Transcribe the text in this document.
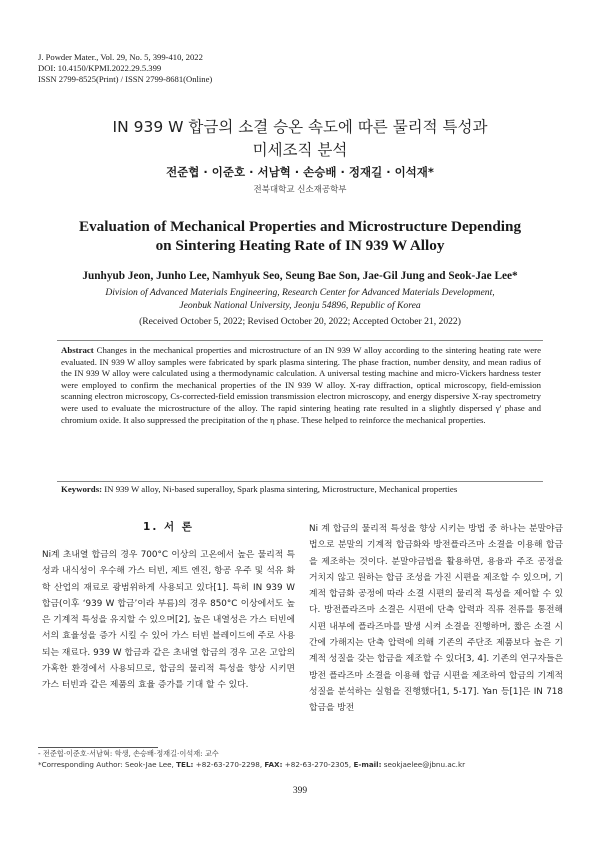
J. Powder Mater., Vol. 29, No. 5, 399-410, 2022
DOI: 10.4150/KPMI.2022.29.5.399
ISSN 2799-8525(Print) / ISSN 2799-8681(Online)
IN 939 W 합금의 소결 승온 속도에 따른 물리적 특성과
미세조직 분석
전준협 · 이준호 · 서남혁 · 손승배 · 정재길 · 이석재*
전북대학교 신소재공학부
Evaluation of Mechanical Properties and Microstructure Depending
on Sintering Heating Rate of IN 939 W Alloy
Junhyub Jeon, Junho Lee, Namhyuk Seo, Seung Bae Son, Jae-Gil Jung and Seok-Jae Lee*
Division of Advanced Materials Engineering, Research Center for Advanced Materials Development,
Jeonbuk National University, Jeonju 54896, Republic of Korea
(Received October 5, 2022; Revised October 20, 2022; Accepted October 21, 2022)
Abstract Changes in the mechanical properties and microstructure of an IN 939 W alloy according to the sintering heating rate were evaluated. IN 939 W alloy samples were fabricated by spark plasma sintering. The phase fraction, number density, and mean radius of the IN 939 W alloy were calculated using a thermodynamic calculation. A universal testing machine and micro-Vickers hardness tester were employed to confirm the mechanical properties of the IN 939 W alloy. X-ray diffraction, optical microscopy, field-emission scanning electron microscopy, Cs-corrected-field emission transmission electron microscopy, and energy dispersive X-ray spectrometry were used to evaluate the microstructure of the alloy. The rapid sintering heating rate resulted in a slightly dispersed γ' phase and chromium oxide. It also suppressed the precipitation of the η phase. These helped to reinforce the mechanical properties.
Keywords: IN 939 W alloy, Ni-based superalloy, Spark plasma sintering, Microstructure, Mechanical properties
1. 서 론
Ni계 초내열 합금의 경우 700°C 이상의 고온에서 높은 물리적 특성과 내식성이 우수해 가스 터빈, 제트 엔진, 항공 우주 및 석유 화학 산업의 재료로 광범위하게 사용되고 있다[1]. 특히 IN 939 W 합금(이후 ‘939 W 합금’이라 부름)의 경우 850°C 이상에서도 높은 기계적 특성을 유지할 수 있으며[2], 높은 내열성은 가스 터빈에서의 효율성을 증가 시킬 수 있어 가스 터빈 블레이드에 주로 사용되는 재료다. 939 W 합금과 같은 초내열 합금의 경우 고온 고압의 가혹한 환경에서 사용되므로, 합금의 물리적 특성을 향상 시키면 가스 터빈과 같은 제품의 효율 증가를 기대 할 수 있다.
Ni 계 합금의 물리적 특성을 향상 시키는 방법 중 하나는 분말야금법으로 분말의 기계적 합금화와 방전플라즈마 소결을 이용해 합금을 제조하는 것이다. 분말야금법을 활용하면, 용융과 주조 공정을 거치지 않고 원하는 합금 조성을 가진 시편을 제조할 수 있으며, 기계적 합금화 공정에 따라 소결 시편의 물리적 특성을 제어할 수 있다. 방전플라즈마 소결은 시편에 단축 압력과 직류 전류를 통전해 시편 내부에 플라즈마를 발생 시켜 소결을 진행하며, 짧은 소결 시간에 가해지는 단축 압력에 의해 기존의 주단조 제품보다 높은 기계적 성질을 갖는 합금을 제조할 수 있다[3, 4]. 기존의 연구자들은 방전 플라즈마 소결을 이용해 합금 시편을 제조하여 합금의 기계적 성질을 분석하는 실험을 진행했다[1, 5-17]. Yan 등[1]은 IN 718 합금을 방전
- 전준협·이준호·서남혁: 학생, 손승배·정재길·이석재: 교수
*Corresponding Author: Seok-Jae Lee, TEL: +82-63-270-2298, FAX: +82-63-270-2305, E-mail: seokjaelee@jbnu.ac.kr
399
